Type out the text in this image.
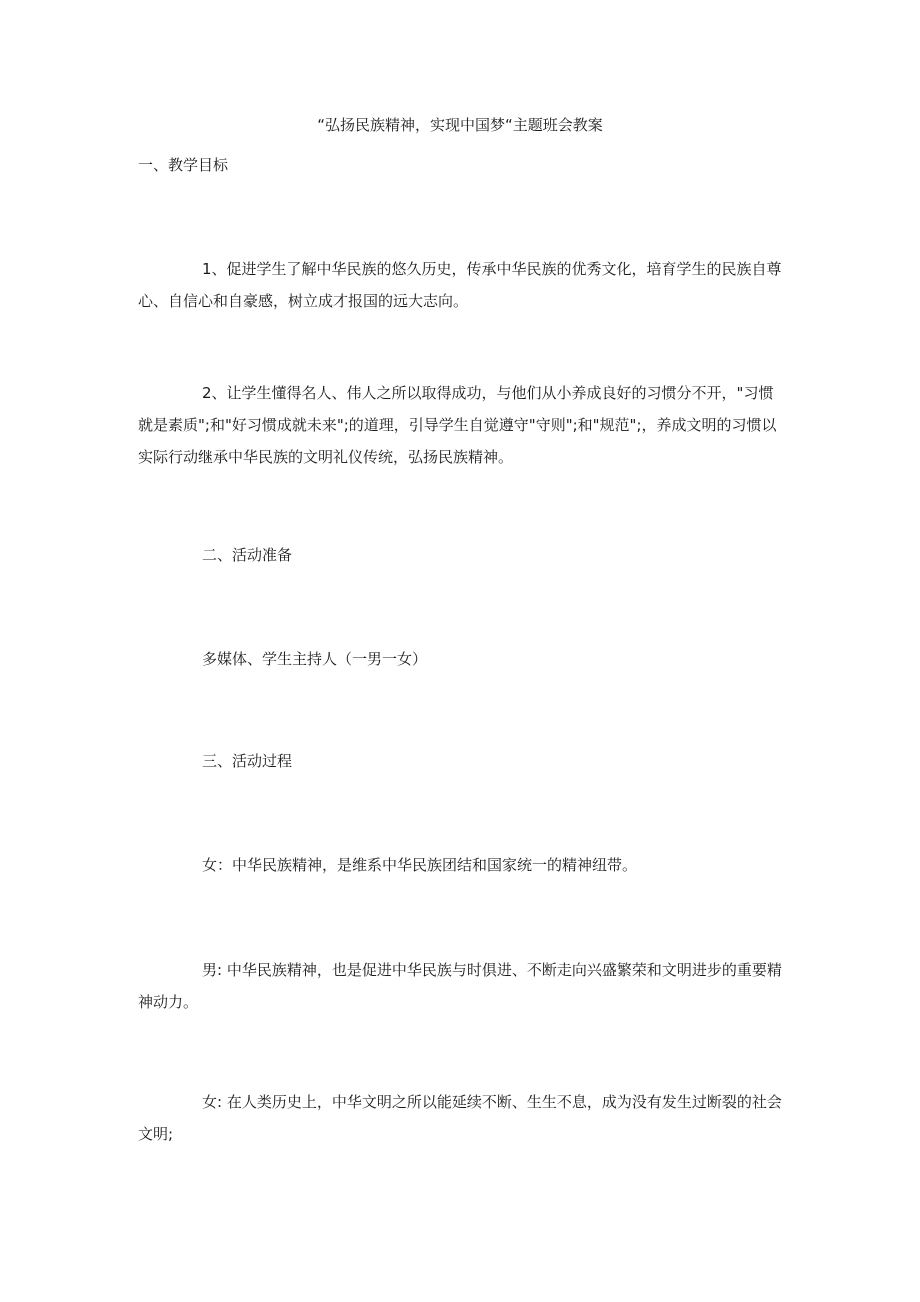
“弘扬民族精神，实现中国梦“主题班会教案

一、教学目标

1、促进学生了解中华民族的悠久历史，传承中华民族的优秀文化，培育学生的民族自尊心、自信心和自豪感，树立成才报国的远大志向。

2、让学生懂得名人、伟人之所以取得成功，与他们从小养成良好的习惯分不开，"习惯就是素质";和"好习惯成就未来";的道理，引导学生自觉遵守"守则";和"规范";，养成文明的习惯以实际行动继承中华民族的文明礼仪传统，弘扬民族精神。

二、活动准备

多媒体、学生主持人（一男一女）

三、活动过程

女：中华民族精神，是维系中华民族团结和国家统一的精神纽带。

男: 中华民族精神，也是促进中华民族与时俱进、不断走向兴盛繁荣和文明进步的重要精神动力。

女: 在人类历史上，中华文明之所以能延续不断、生生不息，成为没有发生过断裂的社会文明;
